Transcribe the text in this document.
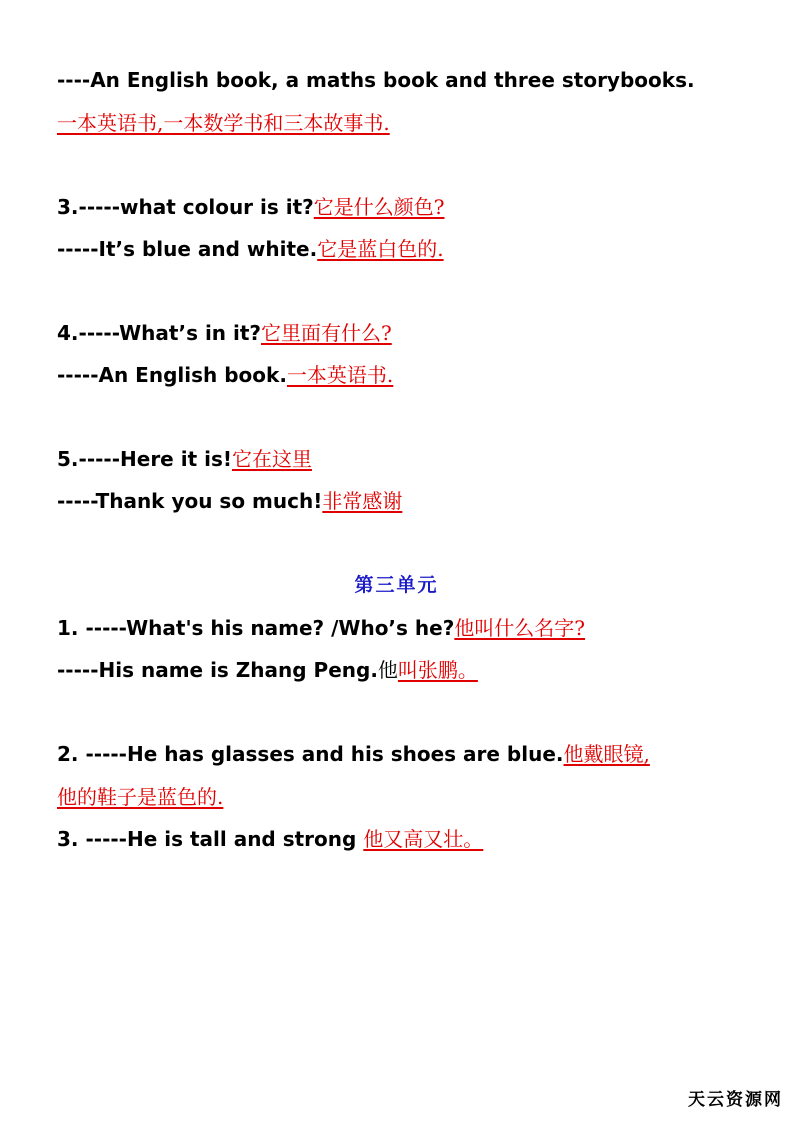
----An English book, a maths book and three storybooks.
一本英语书,一本数学书和三本故事书.
3.-----what colour is it?它是什么颜色?
-----It’s blue and white.它是蓝白色的.
4.-----What’s in it?它里面有什么?
-----An English book.一本英语书.
5.-----Here it is!它在这里
-----Thank you so much!非常感谢
第三单元
1. -----What's his name? /Who’s he?他叫什么名字?
-----His name is Zhang Peng.他叫张鹏。
2. -----He has glasses and his shoes are blue.他戴眼镜,
他的鞋子是蓝色的.
3. -----He is tall and strong 他又高又壮。
天云资源网
